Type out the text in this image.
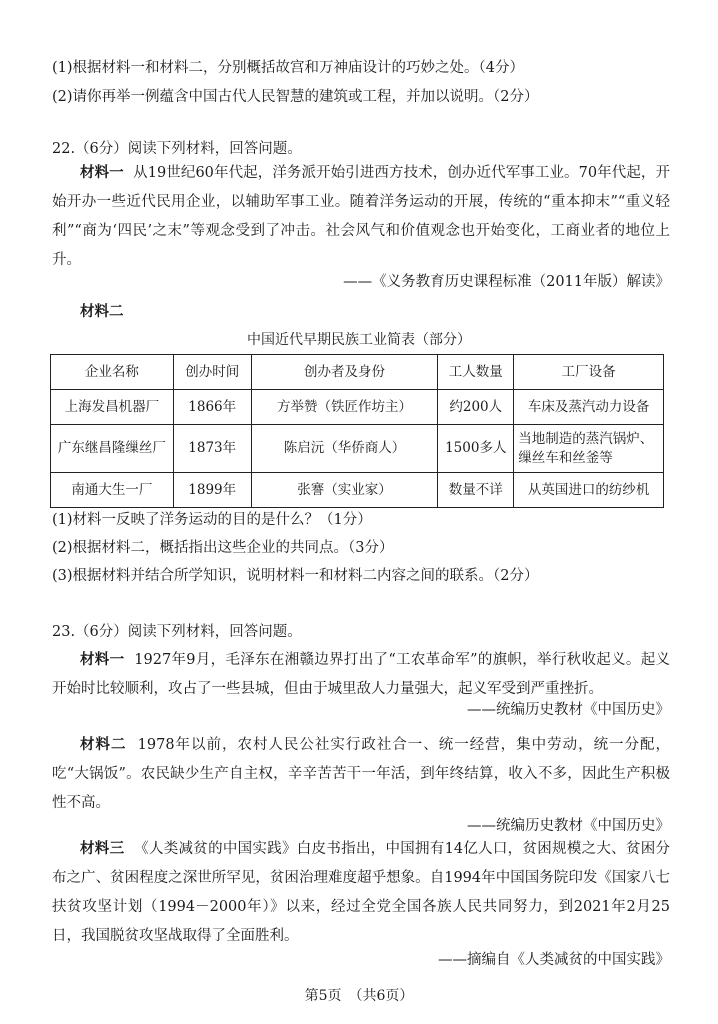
(1)根据材料一和材料二，分别概括故宫和万神庙设计的巧妙之处。（4分）
(2)请你再举一例蕴含中国古代人民智慧的建筑或工程，并加以说明。（2分）
22.（6分）阅读下列材料，回答问题。
材料一 从19世纪60年代起，洋务派开始引进西方技术，创办近代军事工业。70年代起，开始开办一些近代民用企业，以辅助军事工业。随着洋务运动的开展，传统的“重本抑末”“重义轻利”“商为‘四民’之末”等观念受到了冲击。社会风气和价值观念也开始变化，工商业者的地位上升。
——《义务教育历史课程标准（2011年版）解读》
材料二
中国近代早期民族工业简表（部分）
企业名称	创办时间	创办者及身份	工人数量	工厂设备
上海发昌机器厂	1866年	方举赞（铁匠作坊主）	约200人	车床及蒸汽动力设备
广东继昌隆缫丝厂	1873年	陈启沅（华侨商人）	1500多人	当地制造的蒸汽锅炉、缫丝车和丝釜等
南通大生一厂	1899年	张謇（实业家）	数量不详	从英国进口的纺纱机
(1)材料一反映了洋务运动的目的是什么？（1分）
(2)根据材料二，概括指出这些企业的共同点。（3分）
(3)根据材料并结合所学知识，说明材料一和材料二内容之间的联系。（2分）
23.（6分）阅读下列材料，回答问题。
材料一 1927年9月，毛泽东在湘赣边界打出了“工农革命军”的旗帜，举行秋收起义。起义开始时比较顺利，攻占了一些县城，但由于城里敌人力量强大，起义军受到严重挫折。
——统编历史教材《中国历史》
材料二 1978年以前，农村人民公社实行政社合一、统一经营，集中劳动，统一分配，吃“大锅饭”。农民缺少生产自主权，辛辛苦苦干一年活，到年终结算，收入不多，因此生产积极性不高。
——统编历史教材《中国历史》
材料三 《人类减贫的中国实践》白皮书指出，中国拥有14亿人口，贫困规模之大、贫困分布之广、贫困程度之深世所罕见，贫困治理难度超乎想象。自1994年中国国务院印发《国家八七扶贫攻坚计划（1994－2000年）》以来，经过全党全国各族人民共同努力，到2021年2月25日，我国脱贫攻坚战取得了全面胜利。
——摘编自《人类减贫的中国实践》
第5页　（共6页）
